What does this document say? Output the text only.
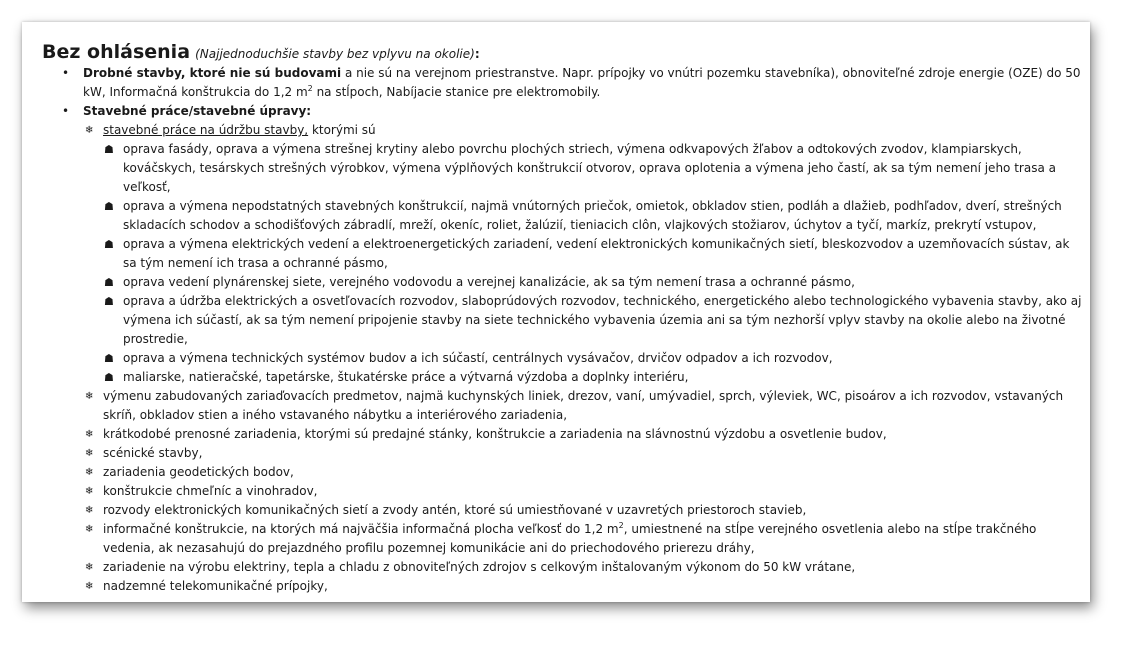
Bez ohlásenia (Najjednoduchšie stavby bez vplyvu na okolie):

• Drobné stavby, ktoré nie sú budovami a nie sú na verejnom priestranstve. Napr. prípojky vo vnútri pozemku stavebníka), obnoviteľné zdroje energie (OZE) do 50 kW, Informačná konštrukcia do 1,2 $m^2$ na stĺpoch, Nabíjacie stanice pre elektromobily.
• Stavebné práce/stavebné úpravy:
❄ stavebné práce na údržbu stavby, ktorými sú
☗ oprava fasády, oprava a výmena strešnej krytiny alebo povrchu plochých striech, výmena odkvapových žľabov a odtokových zvodov, klampiarskych, kováčskych, tesárskych strešných výrobkov, výmena výplňových konštrukcií otvorov, oprava oplotenia a výmena jeho častí, ak sa tým nemení jeho trasa a veľkosť,
☗ oprava a výmena nepodstatných stavebných konštrukcií, najmä vnútorných priečok, omietok, obkladov stien, podláh a dlažieb, podhľadov, dverí, strešných skladacích schodov a schodišťových zábradlí, mreží, okeníc, roliet, žalúzií, tieniacich clôn, vlajkových stožiarov, úchytov a tyčí, markíz, prekrytí vstupov,
☗ oprava a výmena elektrických vedení a elektroenergetických zariadení, vedení elektronických komunikačných sietí, bleskozvodov a uzemňovacích sústav, ak sa tým nemení ich trasa a ochranné pásmo,
☗ oprava vedení plynárenskej siete, verejného vodovodu a verejnej kanalizácie, ak sa tým nemení trasa a ochranné pásmo,
☗ oprava a údržba elektrických a osvetľovacích rozvodov, slaboprúdových rozvodov, technického, energetického alebo technologického vybavenia stavby, ako aj výmena ich súčastí, ak sa tým nemení pripojenie stavby na siete technického vybavenia územia ani sa tým nezhorší vplyv stavby na okolie alebo na životné prostredie,
☗ oprava a výmena technických systémov budov a ich súčastí, centrálnych vysávačov, drvičov odpadov a ich rozvodov,
☗ maliarske, natieračské, tapetárske, štukatérske práce a výtvarná výzdoba a doplnky interiéru,
❄ výmenu zabudovaných zariaďovacích predmetov, najmä kuchynských liniek, drezov, vaní, umývadiel, sprch, výleviek, WC, pisoárov a ich rozvodov, vstavaných skríň, obkladov stien a iného vstavaného nábytku a interiérového zariadenia,
❄ krátkodobé prenosné zariadenia, ktorými sú predajné stánky, konštrukcie a zariadenia na slávnostnú výzdobu a osvetlenie budov,
❄ scénické stavby,
❄ zariadenia geodetických bodov,
❄ konštrukcie chmeľníc a vinohradov,
❄ rozvody elektronických komunikačných sietí a zvody antén, ktoré sú umiestňované v uzavretých priestoroch stavieb,
❄ informačné konštrukcie, na ktorých má najväčšia informačná plocha veľkosť do 1,2 $m^2$, umiestnené na stĺpe verejného osvetlenia alebo na stĺpe trakčného vedenia, ak nezasahujú do prejazdného profilu pozemnej komunikácie ani do priechodového prierezu dráhy,
❄ zariadenie na výrobu elektriny, tepla a chladu z obnoviteľných zdrojov s celkovým inštalovaným výkonom do 50 kW vrátane,
❄ nadzemné telekomunikačné prípojky,
